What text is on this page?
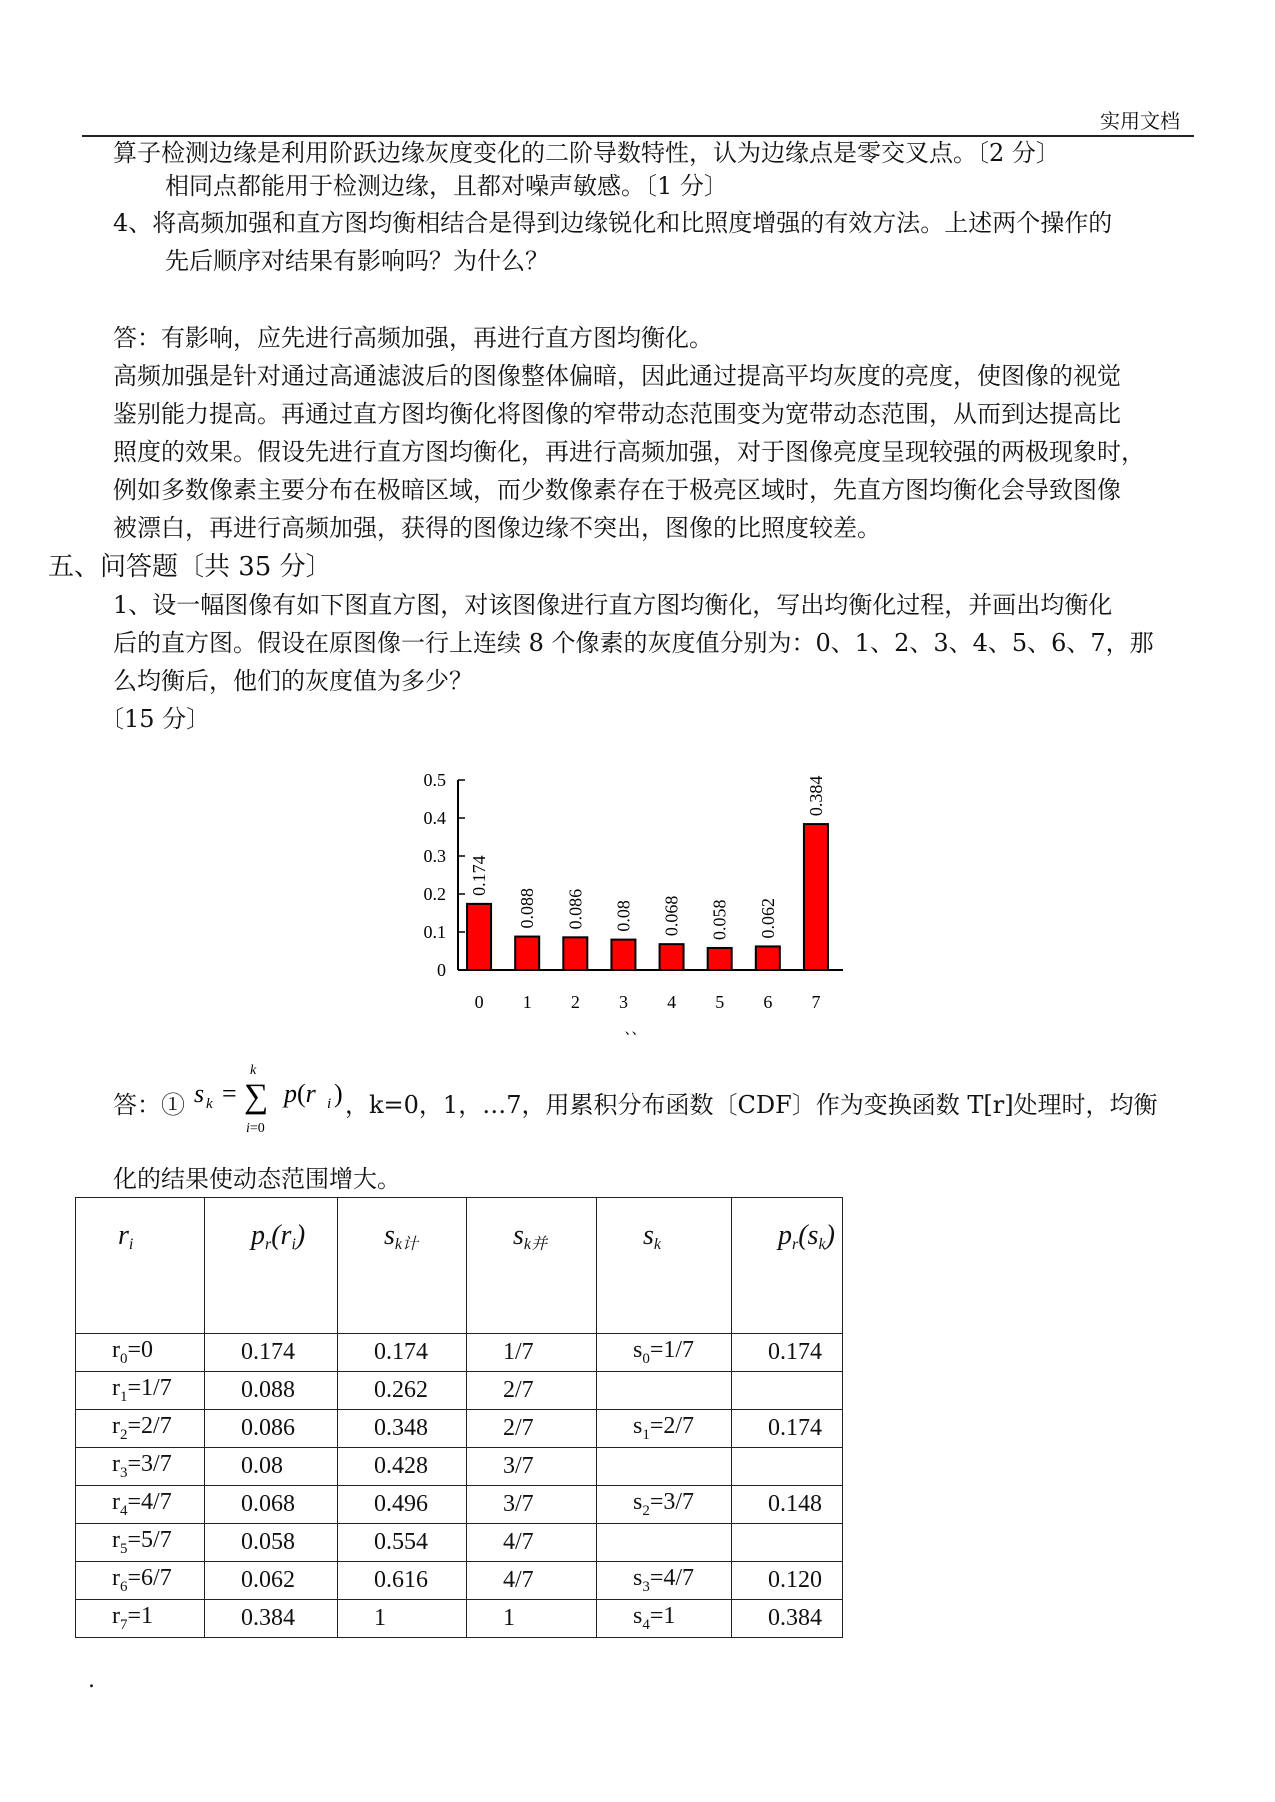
实用文档
算子检测边缘是利用阶跃边缘灰度变化的二阶导数特性，认为边缘点是零交叉点。〔2 分〕
相同点都能用于检测边缘，且都对噪声敏感。〔1 分〕
4、将高频加强和直方图均衡相结合是得到边缘锐化和比照度增强的有效方法。上述两个操作的
先后顺序对结果有影响吗？为什么？
答：有影响，应先进行高频加强，再进行直方图均衡化。
高频加强是针对通过高通滤波后的图像整体偏暗，因此通过提高平均灰度的亮度，使图像的视觉
鉴别能力提高。再通过直方图均衡化将图像的窄带动态范围变为宽带动态范围，从而到达提高比
照度的效果。假设先进行直方图均衡化，再进行高频加强，对于图像亮度呈现较强的两极现象时，
例如多数像素主要分布在极暗区域，而少数像素存在于极亮区域时，先直方图均衡化会导致图像
被漂白，再进行高频加强，获得的图像边缘不突出，图像的比照度较差。
五、问答题〔共 35 分〕
1、设一幅图像有如下图直方图，对该图像进行直方图均衡化，写出均衡化过程，并画出均衡化
后的直方图。假设在原图像一行上连续 8 个像素的灰度值分别为：0、1、2、3、4、5、6、7，那
么均衡后，他们的灰度值为多少？
〔15 分〕
0
0.1
0.2
0.3
0.4
0.5
0.174
0
0.088
1
0.086
2
0.08
3
0.068
4
0.058
5
0.062
6
0.384
7
、、
答：① s k =
k
∑
i=0
p(r i ) ，k=0，1，…7，用累积分布函数〔CDF〕作为变换函数 T[r]处理时，均衡
化的结果使动态范围增大。
ri	pr(ri)	sk计	sk并	sk	pr(sk)
$r_0=0$	0.174	0.174	1/7	$s_0=1/7$	0.174
$r_1=1/7$	0.088	0.262	2/7		
$r_2=2/7$	0.086	0.348	2/7	$s_1=2/7$	0.174
$r_3=3/7$	0.08	0.428	3/7		
$r_4=4/7$	0.068	0.496	3/7	$s_2=3/7$	0.148
$r_5=5/7$	0.058	0.554	4/7		
$r_6=6/7$	0.062	0.616	4/7	$s_3=4/7$	0.120
$r_7=1$	0.384	1	1	$s_4=1$	0.384
.
